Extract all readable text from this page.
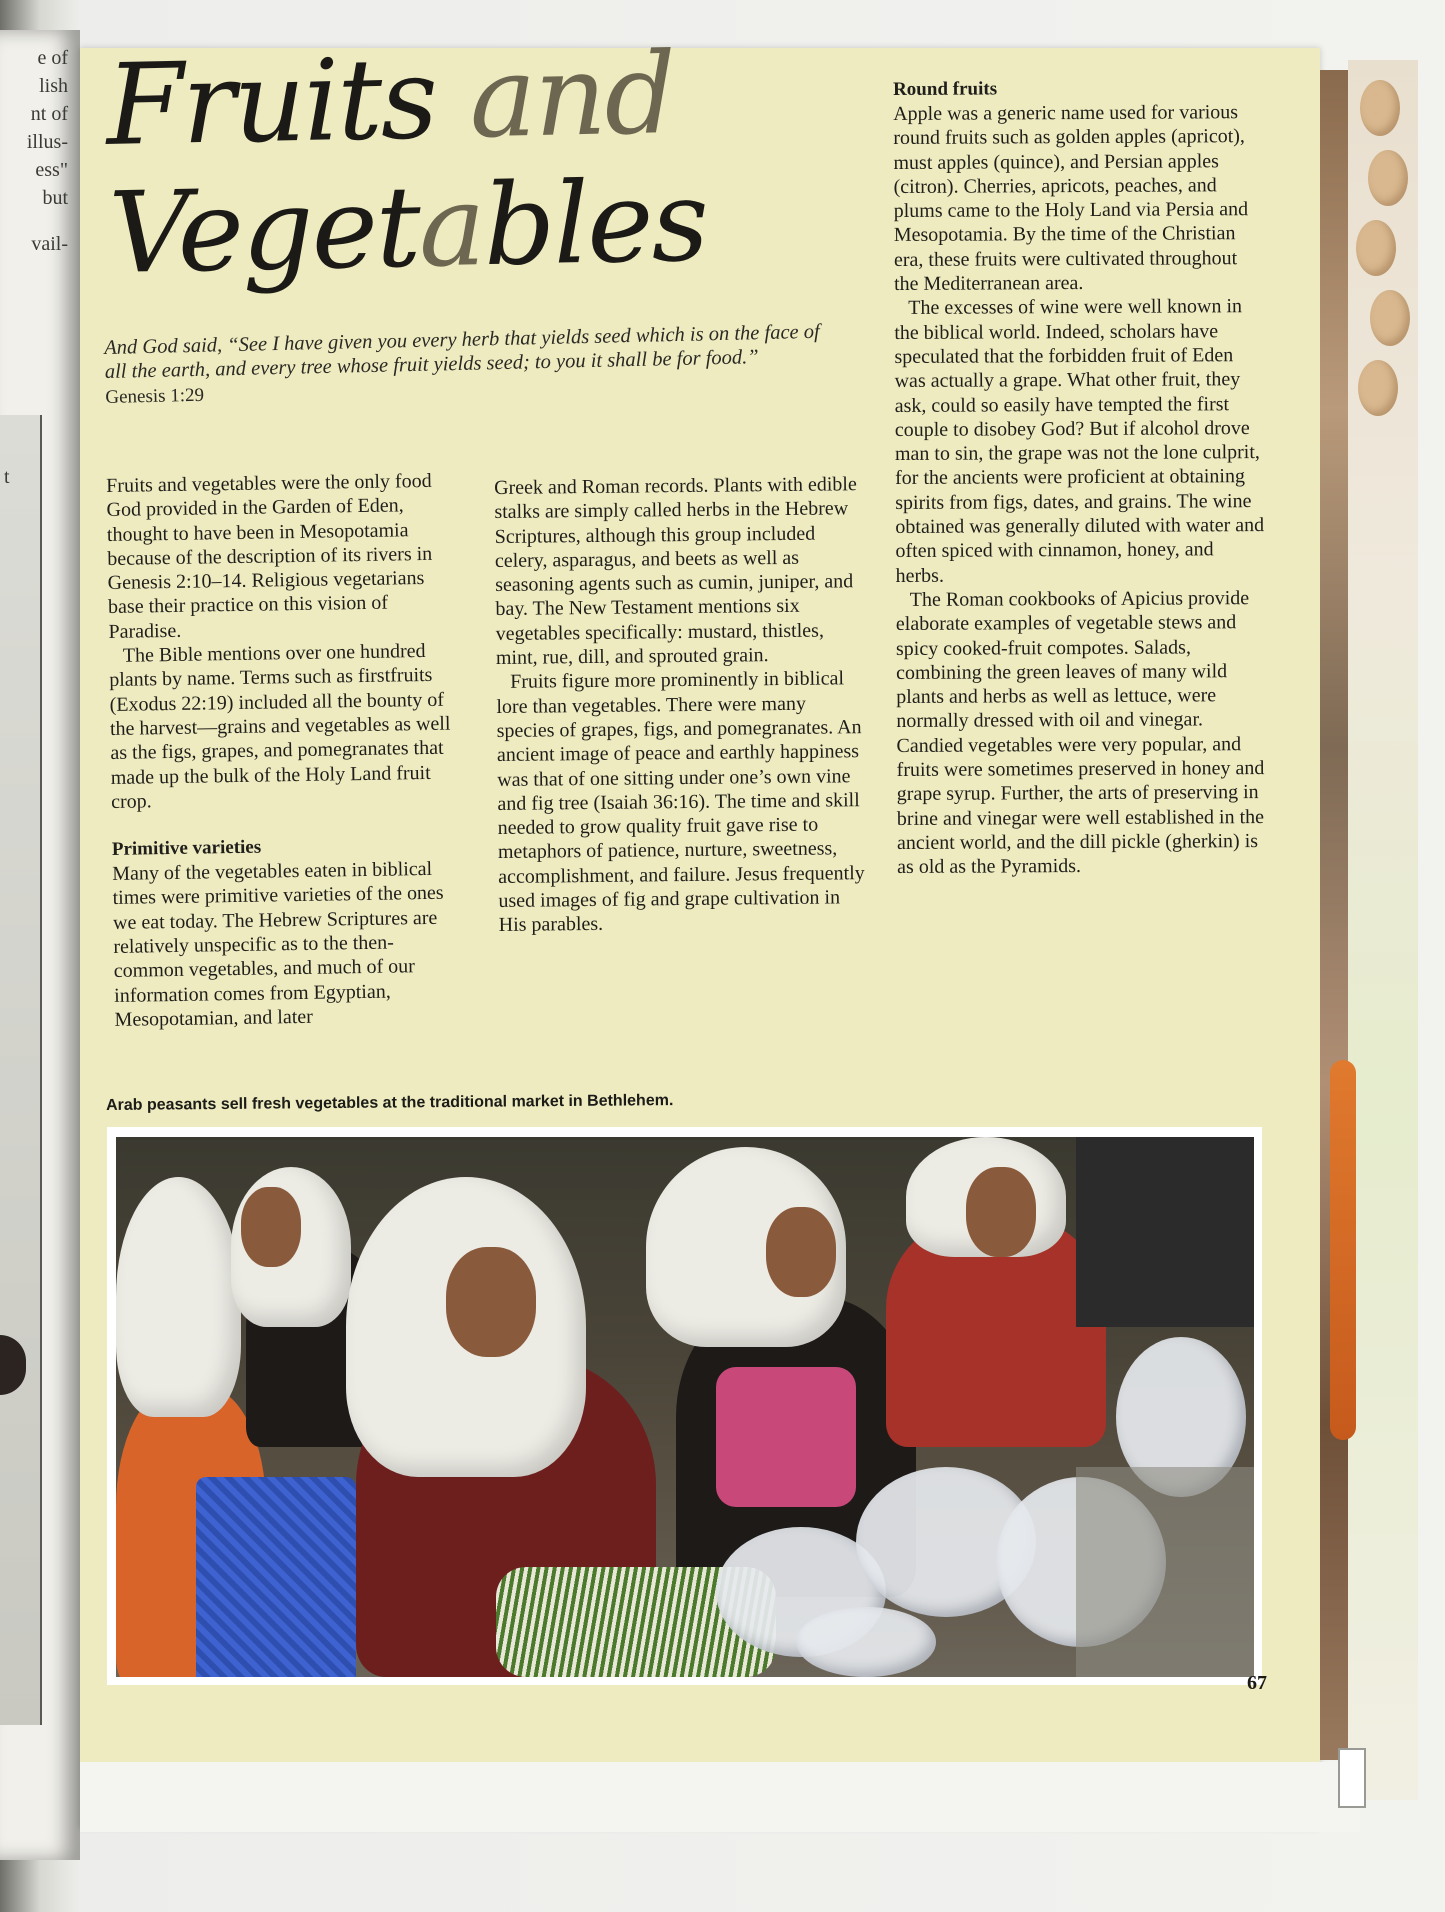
e of
lish
nt of
illus-
ess"
but
vail-
t
Fruits and
Vegetables
And God said, “See I have given you every herb that yields seed which is on the face of all the earth, and every tree whose fruit yields seed; to you it shall be for food.”
Genesis 1:29

Fruits and vegetables were the only food God provided in the Garden of Eden, thought to have been in Mesopotamia because of the description of its rivers in Genesis 2:10–14. Religious vegetarians base their practice on this vision of Paradise.

The Bible mentions over one hundred plants by name. Terms such as firstfruits (Exodus 22:19) included all the bounty of the harvest—grains and vegetables as well as the figs, grapes, and pomegranates that made up the bulk of the Holy Land fruit crop.

Primitive varieties

Many of the vegetables eaten in biblical times were primitive varieties of the ones we eat today. The Hebrew Scriptures are relatively unspecific as to the then-common vegetables, and much of our information comes from Egyptian, Mesopotamian, and later

Greek and Roman records. Plants with edible stalks are simply called herbs in the Hebrew Scriptures, although this group included celery, asparagus, and beets as well as seasoning agents such as cumin, juniper, and bay. The New Testament mentions six vegetables specifically: mustard, thistles, mint, rue, dill, and sprouted grain.

Fruits figure more prominently in biblical lore than vegetables. There were many species of grapes, figs, and pomegranates. An ancient image of peace and earthly happiness was that of one sitting under one’s own vine and fig tree (Isaiah 36:16). The time and skill needed to grow quality fruit gave rise to metaphors of patience, nurture, sweetness, accomplishment, and failure. Jesus frequently used images of fig and grape cultivation in His parables.

Round fruits

Apple was a generic name used for various round fruits such as golden apples (apricot), must apples (quince), and Persian apples (citron). Cherries, apricots, peaches, and plums came to the Holy Land via Persia and Mesopotamia. By the time of the Christian era, these fruits were cultivated throughout the Mediterranean area.

The excesses of wine were well known in the biblical world. Indeed, scholars have speculated that the forbidden fruit of Eden was actually a grape. What other fruit, they ask, could so easily have tempted the first couple to disobey God? But if alcohol drove man to sin, the grape was not the lone culprit, for the ancients were proficient at obtaining spirits from figs, dates, and grains. The wine obtained was generally diluted with water and often spiced with cinnamon, honey, and herbs.

The Roman cookbooks of Apicius provide elaborate examples of vegetable stews and spicy cooked-fruit compotes. Salads, combining the green leaves of many wild plants and herbs as well as lettuce, were normally dressed with oil and vinegar. Candied vegetables were very popular, and fruits were sometimes preserved in honey and grape syrup. Further, the arts of preserving in brine and vinegar were well established in the ancient world, and the dill pickle (gherkin) is as old as the Pyramids.

Arab peasants sell fresh vegetables at the traditional market in Bethlehem.
67
